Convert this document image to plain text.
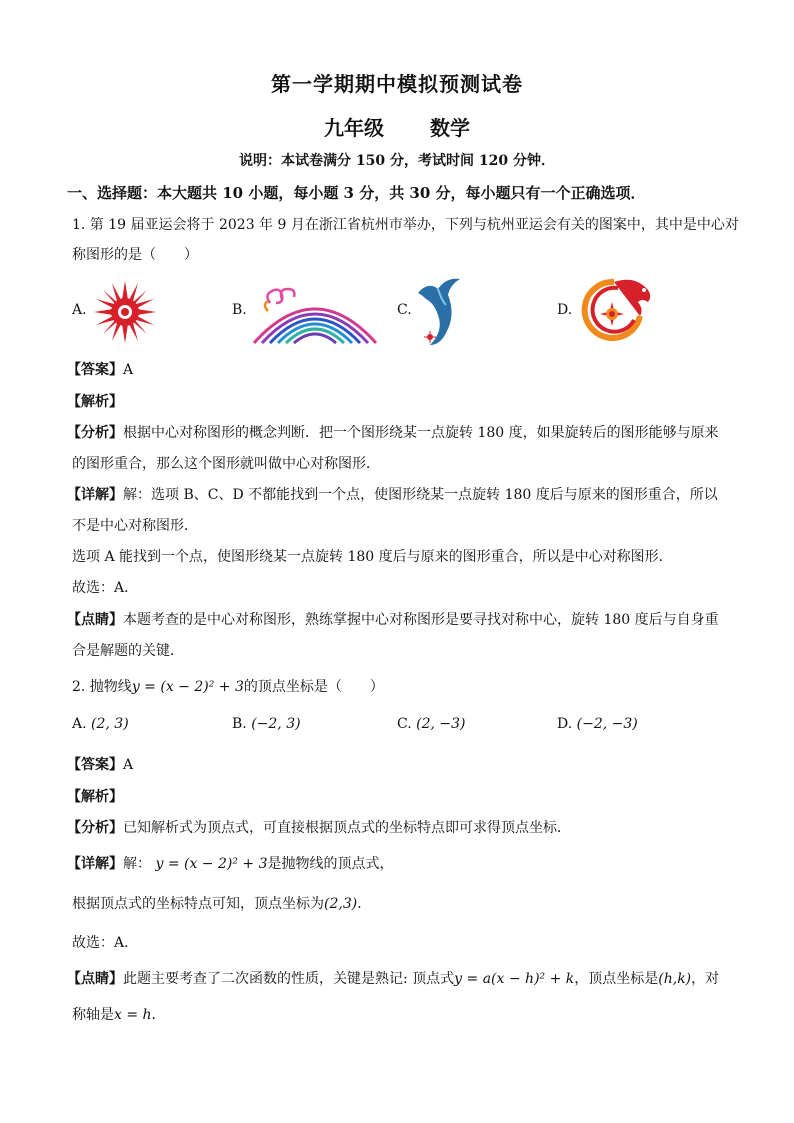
第一学期期中模拟预测试卷
九年级 数学
说明：本试卷满分 150 分，考试时间 120 分钟．
一、选择题：本大题共 10 小题，每小题 3 分，共 30 分，每小题只有一个正确选项．
1. 第 19 届亚运会将于 2023 年 9 月在浙江省杭州市举办，下列与杭州亚运会有关的图案中，其中是中心对
称图形的是（　　）
A.	B.	C.	D.
【答案】A
【解析】
【分析】根据中心对称图形的概念判断．把一个图形绕某一点旋转 180 度，如果旋转后的图形能够与原来
的图形重合，那么这个图形就叫做中心对称图形．
【详解】解：选项 B、C、D 不都能找到一个点，使图形绕某一点旋转 180 度后与原来的图形重合，所以
不是中心对称图形．
选项 A 能找到一个点，使图形绕某一点旋转 180 度后与原来的图形重合，所以是中心对称图形．
故选：A．
【点睛】本题考查的是中心对称图形，熟练掌握中心对称图形是要寻找对称中心，旋转 180 度后与自身重
合是解题的关键．
2. 抛物线y = (x − 2)² + 3的顶点坐标是（　　）
A. (2, 3)	B. (−2, 3)	C. (2, −3)	D. (−2, −3)
【答案】A
【解析】
【分析】已知解析式为顶点式，可直接根据顶点式的坐标特点即可求得顶点坐标．
【详解】解： y = (x − 2)² + 3是抛物线的顶点式，
根据顶点式的坐标特点可知，顶点坐标为(2,3)．
故选：A．
【点睛】此题主要考查了二次函数的性质，关键是熟记: 顶点式y = a(x − h)² + k，顶点坐标是(h,k)，对
称轴是x = h．
